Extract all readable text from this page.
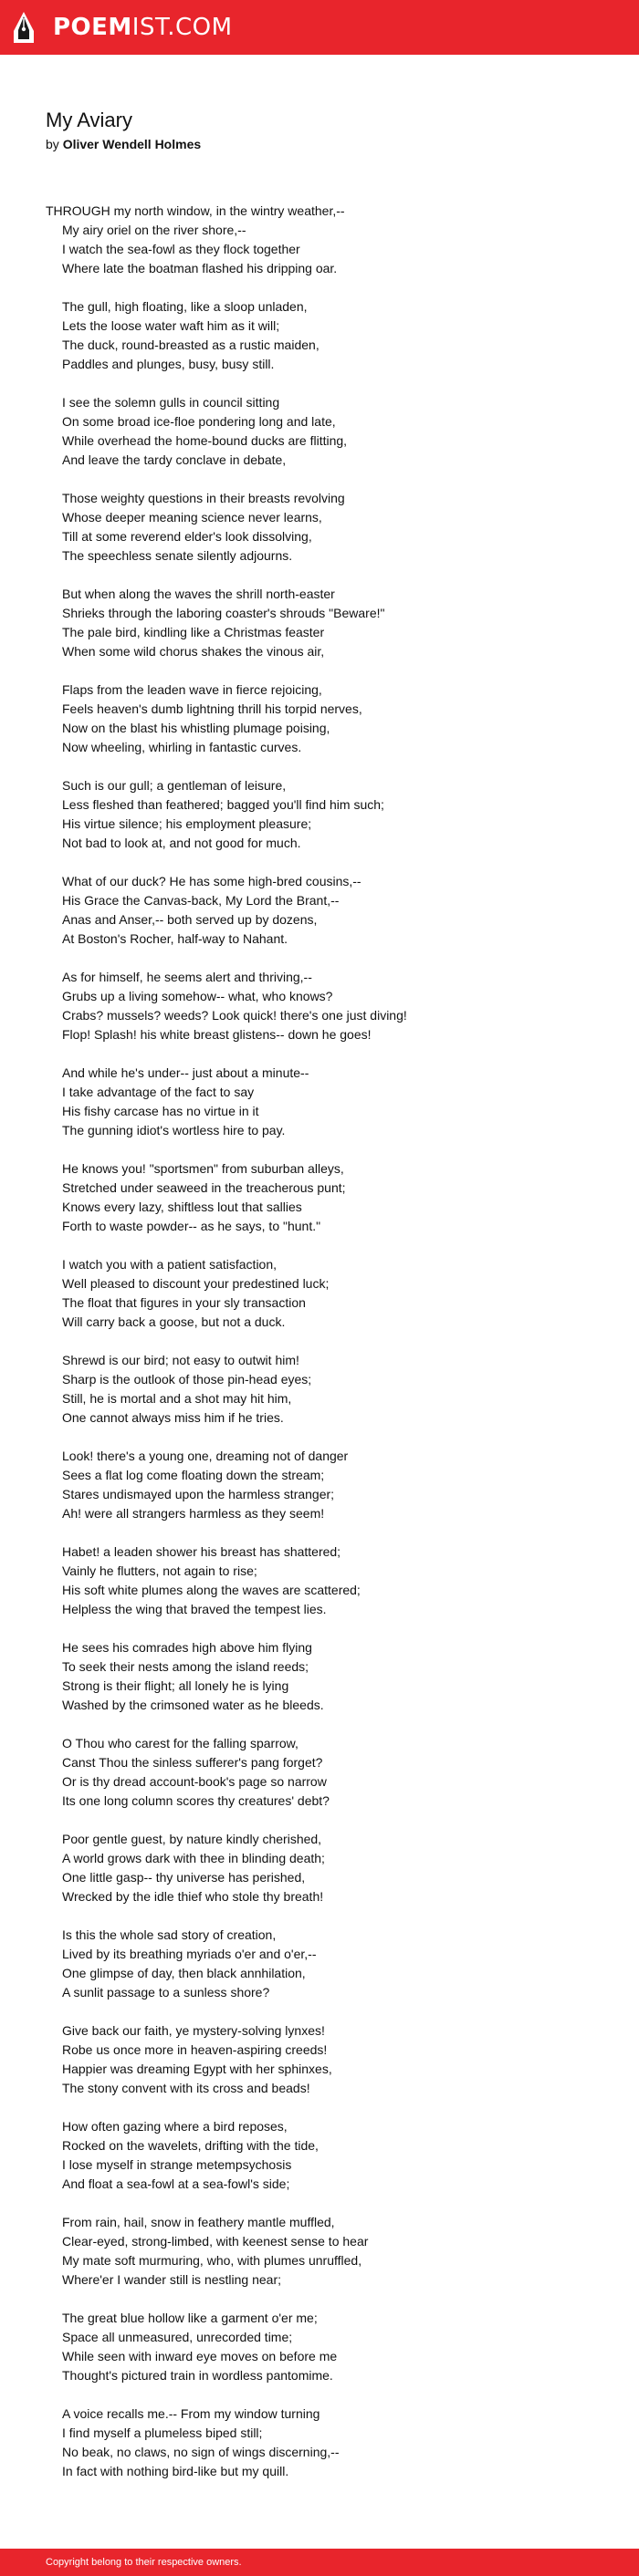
POEMIST.COM
My Aviary
by Oliver Wendell Holmes
THROUGH my north window, in the wintry weather,--
My airy oriel on the river shore,--
I watch the sea-fowl as they flock together
Where late the boatman flashed his dripping oar.
The gull, high floating, like a sloop unladen,
Lets the loose water waft him as it will;
The duck, round-breasted as a rustic maiden,
Paddles and plunges, busy, busy still.
I see the solemn gulls in council sitting
On some broad ice-floe pondering long and late,
While overhead the home-bound ducks are flitting,
And leave the tardy conclave in debate,
Those weighty questions in their breasts revolving
Whose deeper meaning science never learns,
Till at some reverend elder's look dissolving,
The speechless senate silently adjourns.
But when along the waves the shrill north-easter
Shrieks through the laboring coaster's shrouds "Beware!"
The pale bird, kindling like a Christmas feaster
When some wild chorus shakes the vinous air,
Flaps from the leaden wave in fierce rejoicing,
Feels heaven's dumb lightning thrill his torpid nerves,
Now on the blast his whistling plumage poising,
Now wheeling, whirling in fantastic curves.
Such is our gull; a gentleman of leisure,
Less fleshed than feathered; bagged you'll find him such;
His virtue silence; his employment pleasure;
Not bad to look at, and not good for much.
What of our duck? He has some high-bred cousins,--
His Grace the Canvas-back, My Lord the Brant,--
Anas and Anser,-- both served up by dozens,
At Boston's Rocher, half-way to Nahant.
As for himself, he seems alert and thriving,--
Grubs up a living somehow-- what, who knows?
Crabs? mussels? weeds? Look quick! there's one just diving!
Flop! Splash! his white breast glistens-- down he goes!
And while he's under-- just about a minute--
I take advantage of the fact to say
His fishy carcase has no virtue in it
The gunning idiot's wortless hire to pay.
He knows you! "sportsmen" from suburban alleys,
Stretched under seaweed in the treacherous punt;
Knows every lazy, shiftless lout that sallies
Forth to waste powder-- as he says, to "hunt."
I watch you with a patient satisfaction,
Well pleased to discount your predestined luck;
The float that figures in your sly transaction
Will carry back a goose, but not a duck.
Shrewd is our bird; not easy to outwit him!
Sharp is the outlook of those pin-head eyes;
Still, he is mortal and a shot may hit him,
One cannot always miss him if he tries.
Look! there's a young one, dreaming not of danger
Sees a flat log come floating down the stream;
Stares undismayed upon the harmless stranger;
Ah! were all strangers harmless as they seem!
Habet! a leaden shower his breast has shattered;
Vainly he flutters, not again to rise;
His soft white plumes along the waves are scattered;
Helpless the wing that braved the tempest lies.
He sees his comrades high above him flying
To seek their nests among the island reeds;
Strong is their flight; all lonely he is lying
Washed by the crimsoned water as he bleeds.
O Thou who carest for the falling sparrow,
Canst Thou the sinless sufferer's pang forget?
Or is thy dread account-book's page so narrow
Its one long column scores thy creatures' debt?
Poor gentle guest, by nature kindly cherished,
A world grows dark with thee in blinding death;
One little gasp-- thy universe has perished,
Wrecked by the idle thief who stole thy breath!
Is this the whole sad story of creation,
Lived by its breathing myriads o'er and o'er,--
One glimpse of day, then black annhilation,
A sunlit passage to a sunless shore?
Give back our faith, ye mystery-solving lynxes!
Robe us once more in heaven-aspiring creeds!
Happier was dreaming Egypt with her sphinxes,
The stony convent with its cross and beads!
How often gazing where a bird reposes,
Rocked on the wavelets, drifting with the tide,
I lose myself in strange metempsychosis
And float a sea-fowl at a sea-fowl's side;
From rain, hail, snow in feathery mantle muffled,
Clear-eyed, strong-limbed, with keenest sense to hear
My mate soft murmuring, who, with plumes unruffled,
Where'er I wander still is nestling near;
The great blue hollow like a garment o'er me;
Space all unmeasured, unrecorded time;
While seen with inward eye moves on before me
Thought's pictured train in wordless pantomime.
A voice recalls me.-- From my window turning
I find myself a plumeless biped still;
No beak, no claws, no sign of wings discerning,--
In fact with nothing bird-like but my quill.
Copyright belong to their respective owners.
